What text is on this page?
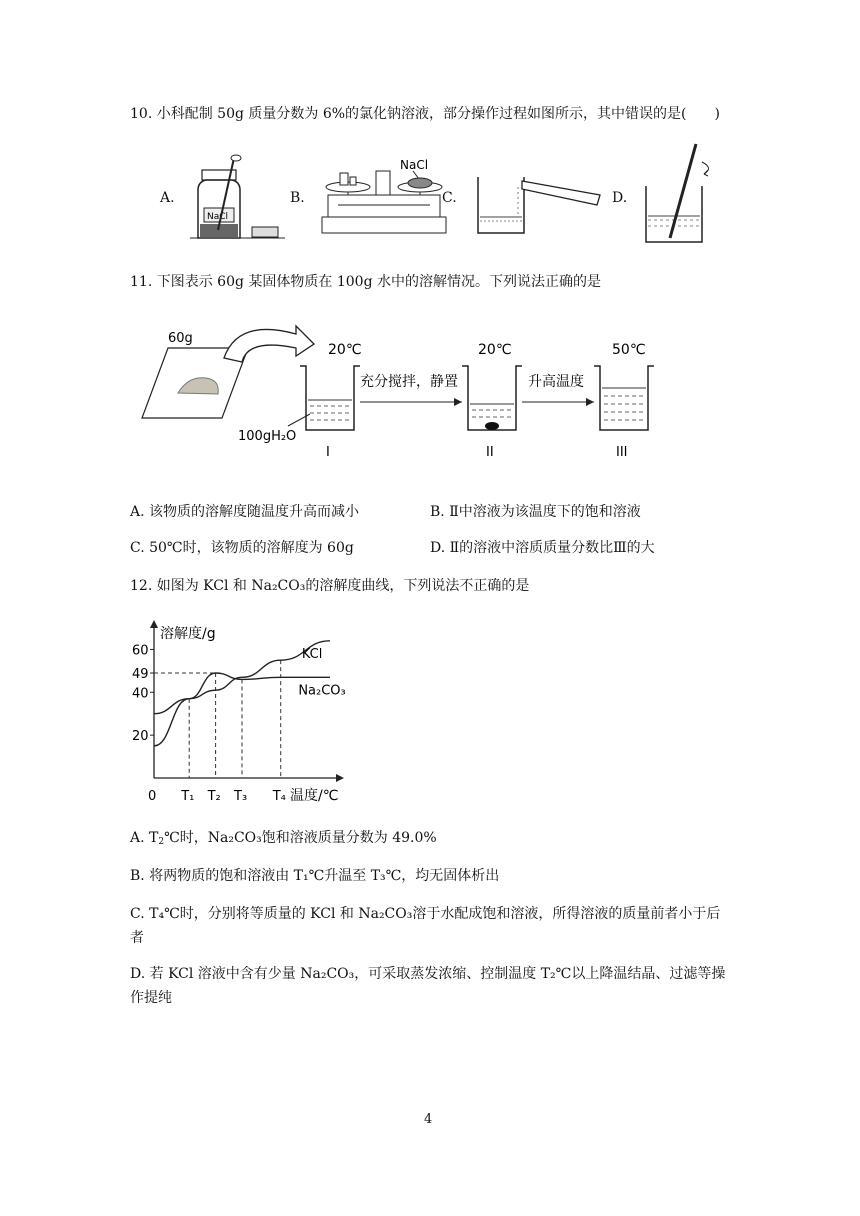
10. 小科配制 50g 质量分数为 6%的氯化钠溶液，部分操作过程如图所示，其中错误的是(　　)
A.
NaCl
B.
NaCl
C.	D.
11. 下图表示 60g 某固体物质在 100g 水中的溶解情况。下列说法正确的是
60g
20℃
100gH₂O
I
充分搅拌，静置
20℃
II
升高温度
50℃
III
A. 该物质的溶解度随温度升高而减小	B. Ⅱ中溶液为该温度下的饱和溶液
C. 50℃时，该物质的溶解度为 60g	D. Ⅱ的溶液中溶质质量分数比Ⅲ的大
12. 如图为 KCl 和 Na₂CO₃的溶解度曲线，下列说法不正确的是
溶解度/g
温度/℃
20
40
49
60
0 T₁ T₂ T₃ T₄
KCl
Na₂CO₃
A. $T_2℃$时，Na₂CO₃饱和溶液质量分数为 49.0%
B. 将两物质的饱和溶液由 T₁℃升温至 T₃℃，均无固体析出
C. T₄℃时，分别将等质量的 KCl 和 Na₂CO₃溶于水配成饱和溶液，所得溶液的质量前者小于后者
D. 若 KCl 溶液中含有少量 Na₂CO₃，可采取蒸发浓缩、控制温度 T₂℃以上降温结晶、过滤等操作提纯
4
